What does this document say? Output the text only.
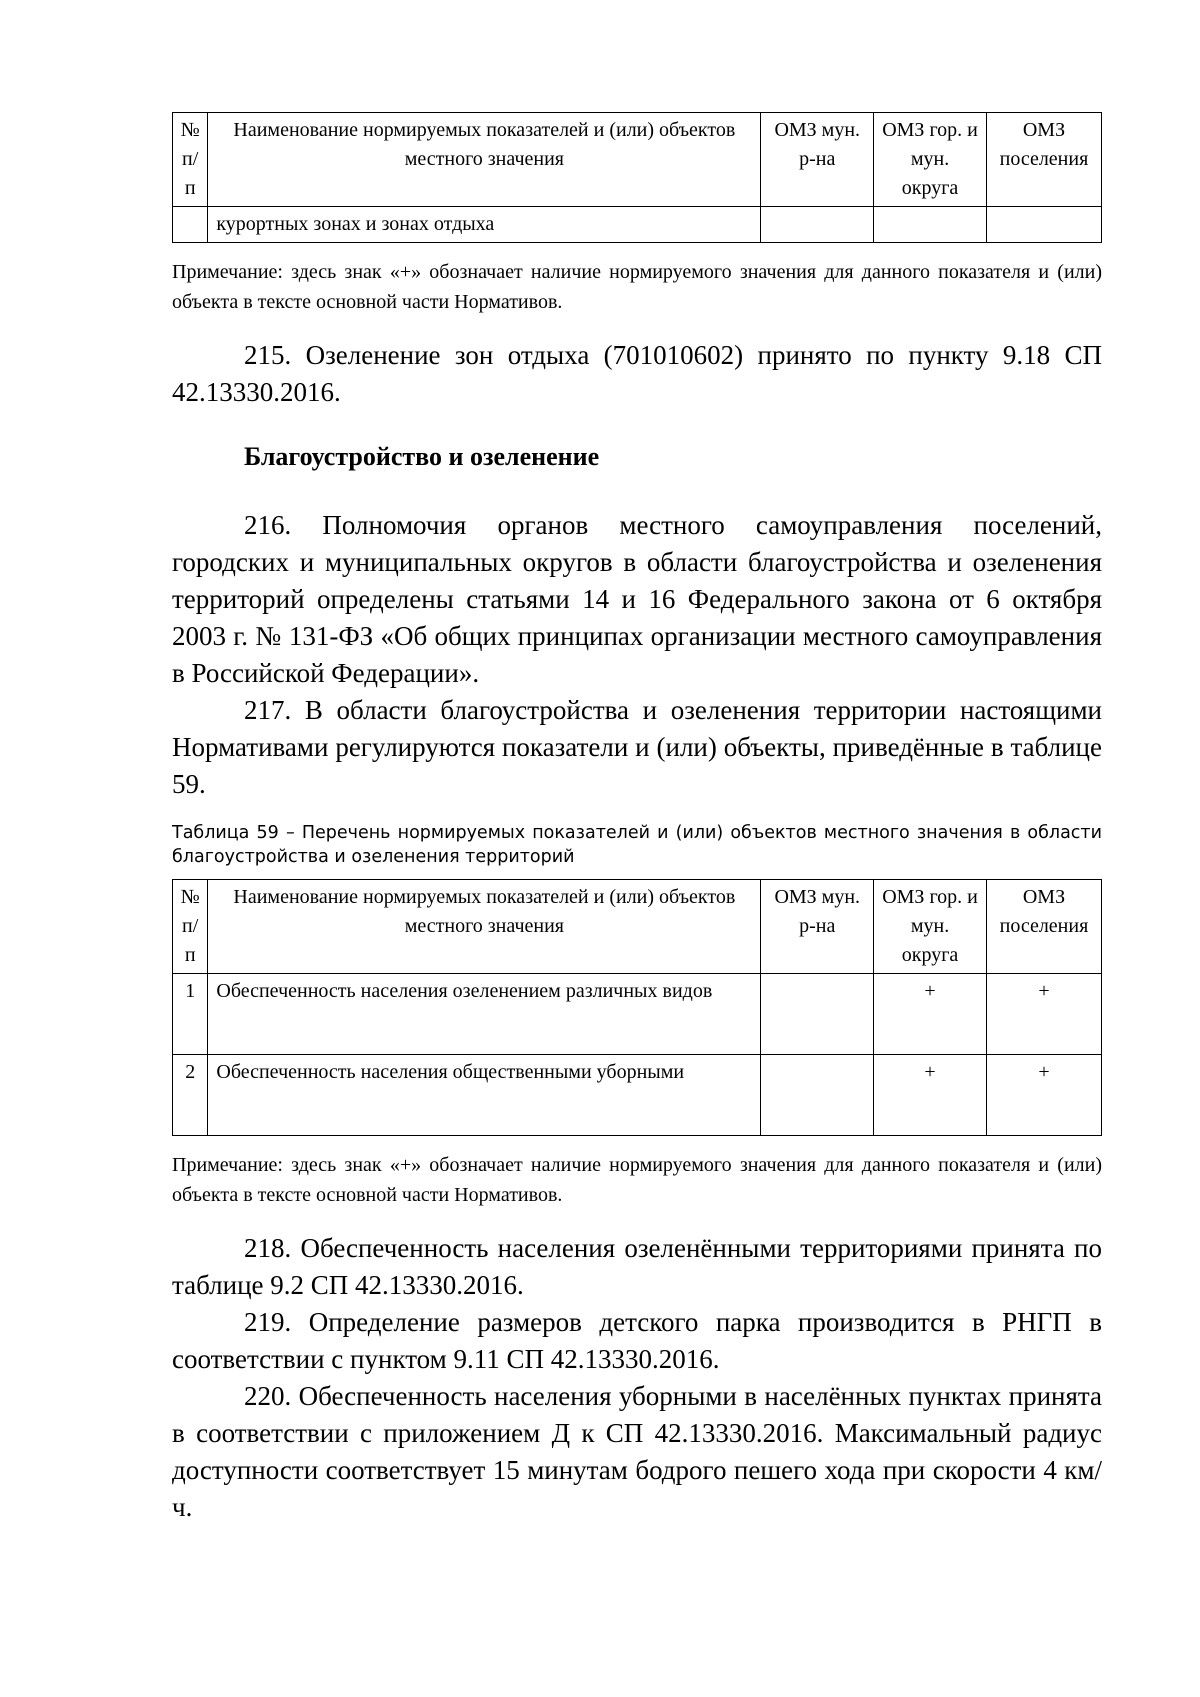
№ п/ п	Наименование нормируемых показателей и (или) объектов местного значения	ОМЗ мун. р-на	ОМЗ гор. и мун. округа	ОМЗ поселения
	курортных зонах и зонах отдыха			

Примечание: здесь знак «+» обозначает наличие нормируемого значения для данного показателя и (или) объекта в тексте основной части Нормативов.

215. Озеленение зон отдыха (701010602) принято по пункту 9.18 СП 42.13330.2016.

Благоустройство и озеленение

216. Полномочия органов местного самоуправления поселений, городских и муниципальных округов в области благоустройства и озеленения территорий определены статьями 14 и 16 Федерального закона от 6 октября 2003 г. № 131-ФЗ «Об общих принципах организации местного самоуправления в Российской Федерации».

217. В области благоустройства и озеленения территории настоящими Нормативами регулируются показатели и (или) объекты, приведённые в таблице 59.

Таблица 59 – Перечень нормируемых показателей и (или) объектов местного значения в области благоустройства и озеленения территорий

№ п/ п	Наименование нормируемых показателей и (или) объектов местного значения	ОМЗ мун. р-на	ОМЗ гор. и мун. округа	ОМЗ поселения
1	Обеспеченность населения озеленением различных видов		+	+
2	Обеспеченность населения общественными уборными		+	+

Примечание: здесь знак «+» обозначает наличие нормируемого значения для данного показателя и (или) объекта в тексте основной части Нормативов.

218. Обеспеченность населения озеленёнными территориями принята по таблице 9.2 СП 42.13330.2016.

219. Определение размеров детского парка производится в РНГП в соответствии с пунктом 9.11 СП 42.13330.2016.

220. Обеспеченность населения уборными в населённых пунктах принята в соответствии с приложением Д к СП 42.13330.2016. Максимальный радиус доступности соответствует 15 минутам бодрого пешего хода при скорости 4 км/ч.
